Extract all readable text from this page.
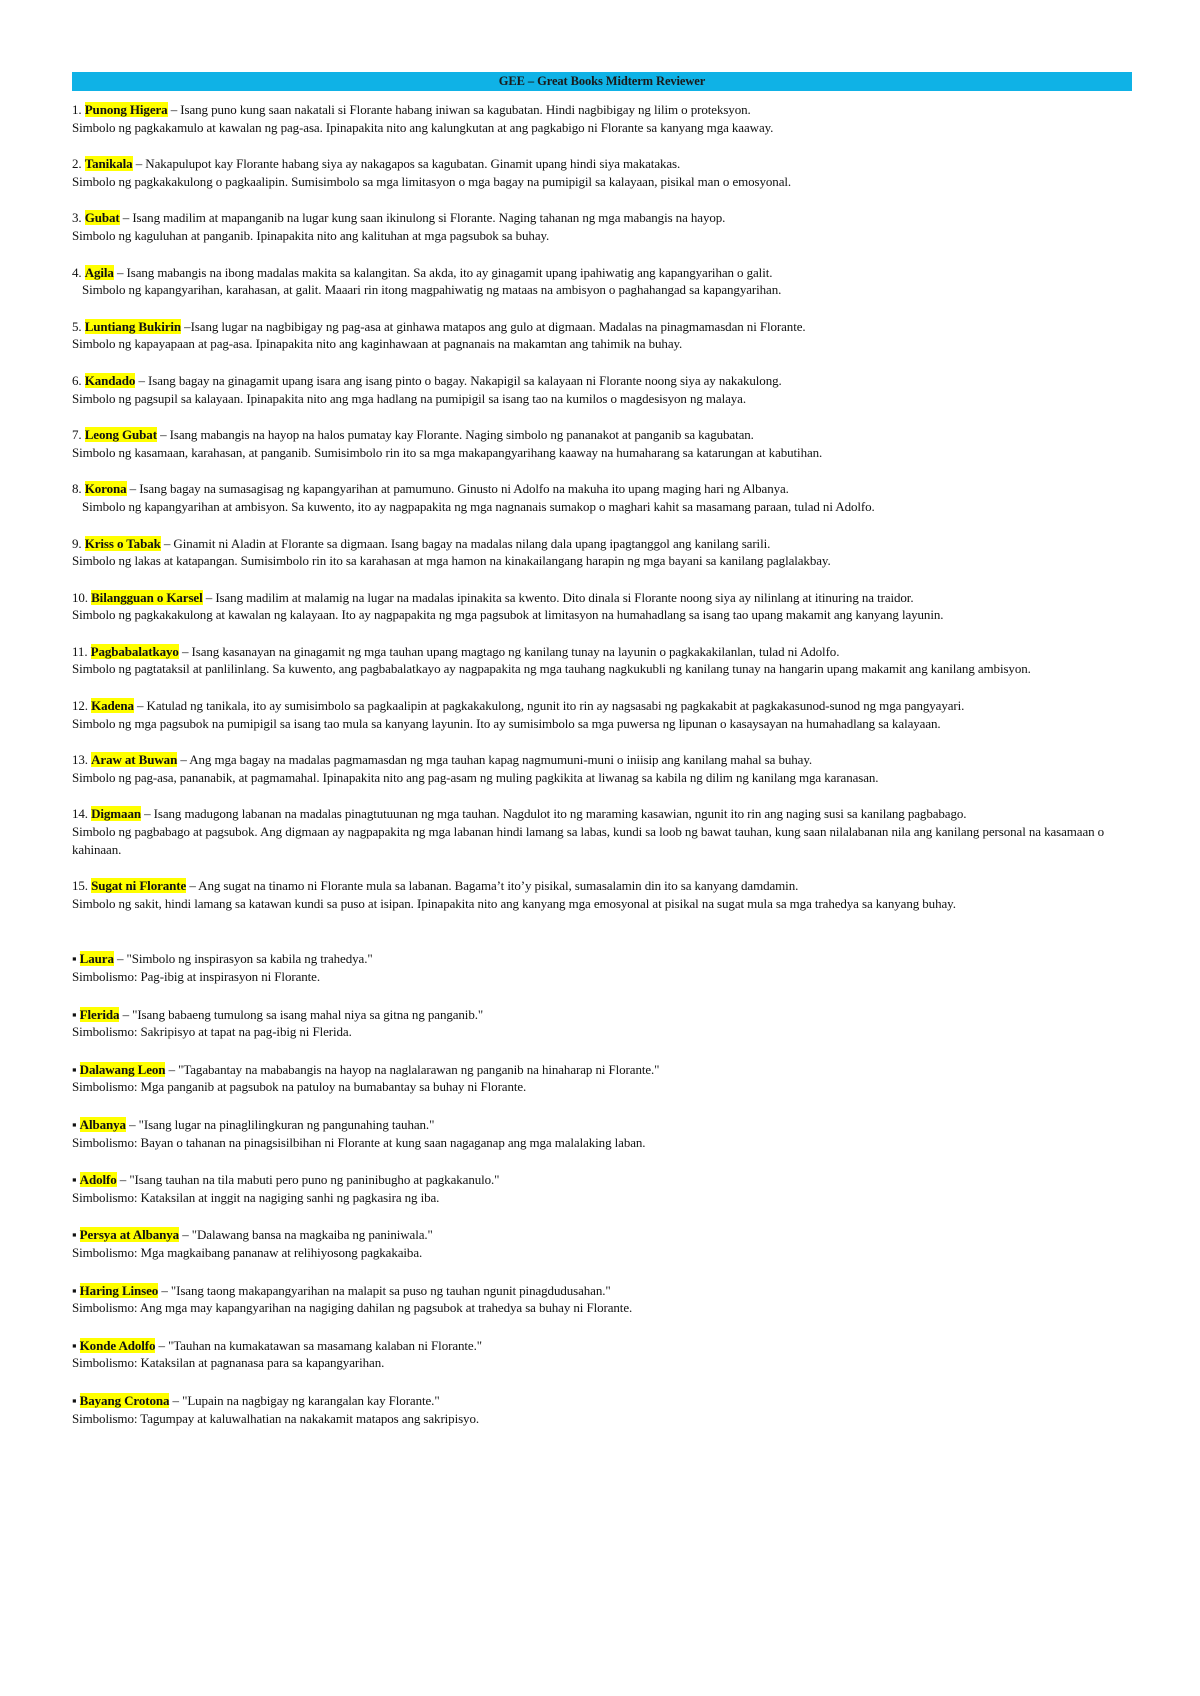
GEE – Great Books Midterm Reviewer

1. Punong Higera – Isang puno kung saan nakatali si Florante habang iniwan sa kagubatan. Hindi nagbibigay ng lilim o proteksyon.

Simbolo ng pagkakamulo at kawalan ng pag-asa. Ipinapakita nito ang kalungkutan at ang pagkabigo ni Florante sa kanyang mga kaaway.

2. Tanikala – Nakapulupot kay Florante habang siya ay nakagapos sa kagubatan. Ginamit upang hindi siya makatakas.

Simbolo ng pagkakakulong o pagkaalipin. Sumisimbolo sa mga limitasyon o mga bagay na pumipigil sa kalayaan, pisikal man o emosyonal.

3. Gubat – Isang madilim at mapanganib na lugar kung saan ikinulong si Florante. Naging tahanan ng mga mabangis na hayop.

Simbolo ng kaguluhan at panganib. Ipinapakita nito ang kalituhan at mga pagsubok sa buhay.

4. Agila – Isang mabangis na ibong madalas makita sa kalangitan. Sa akda, ito ay ginagamit upang ipahiwatig ang kapangyarihan o galit.

Simbolo ng kapangyarihan, karahasan, at galit. Maaari rin itong magpahiwatig ng mataas na ambisyon o paghahangad sa kapangyarihan.

5. Luntiang Bukirin –Isang lugar na nagbibigay ng pag-asa at ginhawa matapos ang gulo at digmaan. Madalas na pinagmamasdan ni Florante.

Simbolo ng kapayapaan at pag-asa. Ipinapakita nito ang kaginhawaan at pagnanais na makamtan ang tahimik na buhay.

6. Kandado – Isang bagay na ginagamit upang isara ang isang pinto o bagay. Nakapigil sa kalayaan ni Florante noong siya ay nakakulong.

Simbolo ng pagsupil sa kalayaan. Ipinapakita nito ang mga hadlang na pumipigil sa isang tao na kumilos o magdesisyon ng malaya.

7. Leong Gubat – Isang mabangis na hayop na halos pumatay kay Florante. Naging simbolo ng pananakot at panganib sa kagubatan.

Simbolo ng kasamaan, karahasan, at panganib. Sumisimbolo rin ito sa mga makapangyarihang kaaway na humaharang sa katarungan at kabutihan.

8. Korona – Isang bagay na sumasagisag ng kapangyarihan at pamumuno. Ginusto ni Adolfo na makuha ito upang maging hari ng Albanya.

Simbolo ng kapangyarihan at ambisyon. Sa kuwento, ito ay nagpapakita ng mga nagnanais sumakop o maghari kahit sa masamang paraan, tulad ni Adolfo.

9. Kriss o Tabak – Ginamit ni Aladin at Florante sa digmaan. Isang bagay na madalas nilang dala upang ipagtanggol ang kanilang sarili.

Simbolo ng lakas at katapangan. Sumisimbolo rin ito sa karahasan at mga hamon na kinakailangang harapin ng mga bayani sa kanilang paglalakbay.

10. Bilangguan o Karsel – Isang madilim at malamig na lugar na madalas ipinakita sa kwento. Dito dinala si Florante noong siya ay nilinlang at itinuring na traidor.

Simbolo ng pagkakakulong at kawalan ng kalayaan. Ito ay nagpapakita ng mga pagsubok at limitasyon na humahadlang sa isang tao upang makamit ang kanyang layunin.

11. Pagbabalatkayo – Isang kasanayan na ginagamit ng mga tauhan upang magtago ng kanilang tunay na layunin o pagkakakilanlan, tulad ni Adolfo.

Simbolo ng pagtataksil at panlilinlang. Sa kuwento, ang pagbabalatkayo ay nagpapakita ng mga tauhang nagkukubli ng kanilang tunay na hangarin upang makamit ang kanilang ambisyon.

12. Kadena – Katulad ng tanikala, ito ay sumisimbolo sa pagkaalipin at pagkakakulong, ngunit ito rin ay nagsasabi ng pagkakabit at pagkakasunod-sunod ng mga pangyayari.

Simbolo ng mga pagsubok na pumipigil sa isang tao mula sa kanyang layunin. Ito ay sumisimbolo sa mga puwersa ng lipunan o kasaysayan na humahadlang sa kalayaan.

13. Araw at Buwan – Ang mga bagay na madalas pagmamasdan ng mga tauhan kapag nagmumuni-muni o iniisip ang kanilang mahal sa buhay.

Simbolo ng pag-asa, pananabik, at pagmamahal. Ipinapakita nito ang pag-asam ng muling pagkikita at liwanag sa kabila ng dilim ng kanilang mga karanasan.

14. Digmaan – Isang madugong labanan na madalas pinagtutuunan ng mga tauhan. Nagdulot ito ng maraming kasawian, ngunit ito rin ang naging susi sa kanilang pagbabago.

Simbolo ng pagbabago at pagsubok. Ang digmaan ay nagpapakita ng mga labanan hindi lamang sa labas, kundi sa loob ng bawat tauhan, kung saan nilalabanan nila ang kanilang personal na kasamaan o kahinaan.

15. Sugat ni Florante – Ang sugat na tinamo ni Florante mula sa labanan. Bagama’t ito’y pisikal, sumasalamin din ito sa kanyang damdamin.

Simbolo ng sakit, hindi lamang sa katawan kundi sa puso at isipan. Ipinapakita nito ang kanyang mga emosyonal at pisikal na sugat mula sa mga trahedya sa kanyang buhay.

▪ Laura – "Simbolo ng inspirasyon sa kabila ng trahedya."

Simbolismo: Pag-ibig at inspirasyon ni Florante.

▪ Flerida – "Isang babaeng tumulong sa isang mahal niya sa gitna ng panganib."

Simbolismo: Sakripisyo at tapat na pag-ibig ni Flerida.

▪ Dalawang Leon – "Tagabantay na mababangis na hayop na naglalarawan ng panganib na hinaharap ni Florante."

Simbolismo: Mga panganib at pagsubok na patuloy na bumabantay sa buhay ni Florante.

▪ Albanya – "Isang lugar na pinaglilingkuran ng pangunahing tauhan."

Simbolismo: Bayan o tahanan na pinagsisilbihan ni Florante at kung saan nagaganap ang mga malalaking laban.

▪ Adolfo – "Isang tauhan na tila mabuti pero puno ng paninibugho at pagkakanulo."

Simbolismo: Kataksilan at inggit na nagiging sanhi ng pagkasira ng iba.

▪ Persya at Albanya – "Dalawang bansa na magkaiba ng paniniwala."

Simbolismo: Mga magkaibang pananaw at relihiyosong pagkakaiba.

▪ Haring Linseo – "Isang taong makapangyarihan na malapit sa puso ng tauhan ngunit pinagdudusahan."

Simbolismo: Ang mga may kapangyarihan na nagiging dahilan ng pagsubok at trahedya sa buhay ni Florante.

▪ Konde Adolfo – "Tauhan na kumakatawan sa masamang kalaban ni Florante."

Simbolismo: Kataksilan at pagnanasa para sa kapangyarihan.

▪ Bayang Crotona – "Lupain na nagbigay ng karangalan kay Florante."

Simbolismo: Tagumpay at kaluwalhatian na nakakamit matapos ang sakripisyo.
